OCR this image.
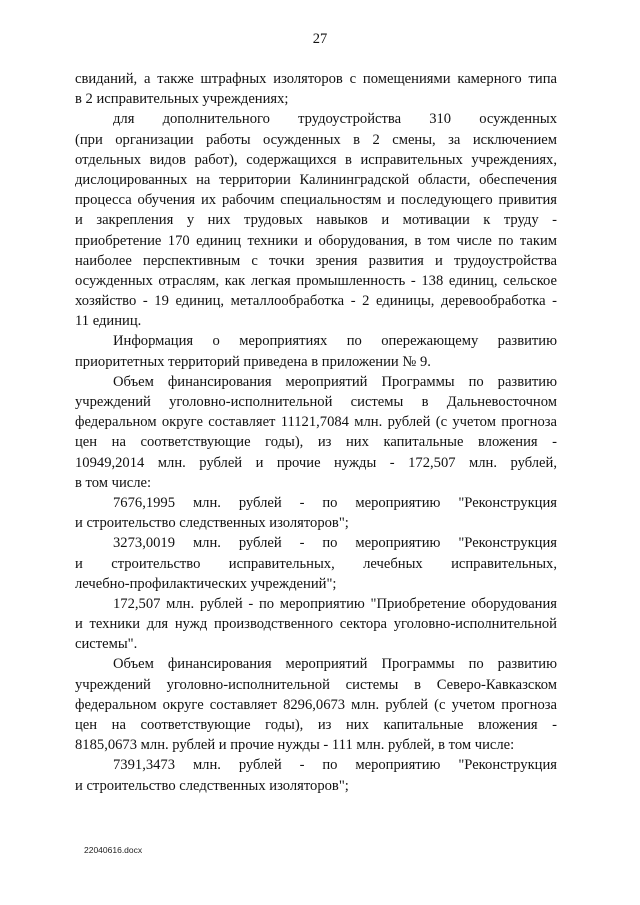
27
свиданий, а также штрафных изоляторов с помещениями камерного типа
в 2 исправительных учреждениях;
для дополнительного трудоустройства 310 осужденных
(при организации работы осужденных в 2 смены, за исключением
отдельных видов работ), содержащихся в исправительных учреждениях,
дислоцированных на территории Калининградской области, обеспечения
процесса обучения их рабочим специальностям и последующего привития
и закрепления у них трудовых навыков и мотивации к труду -
приобретение 170 единиц техники и оборудования, в том числе по таким
наиболее перспективным с точки зрения развития и трудоустройства
осужденных отраслям, как легкая промышленность - 138 единиц, сельское
хозяйство - 19 единиц, металлообработка - 2 единицы, деревообработка -
11 единиц.
Информация о мероприятиях по опережающему развитию
приоритетных территорий приведена в приложении № 9.
Объем финансирования мероприятий Программы по развитию
учреждений уголовно-исполнительной системы в Дальневосточном
федеральном округе составляет 11121,7084 млн. рублей (с учетом прогноза
цен на соответствующие годы), из них капитальные вложения -
10949,2014 млн. рублей и прочие нужды - 172,507 млн. рублей,
в том числе:
7676,1995 млн. рублей - по мероприятию "Реконструкция
и строительство следственных изоляторов";
3273,0019 млн. рублей - по мероприятию "Реконструкция
и строительство исправительных, лечебных исправительных,
лечебно-профилактических учреждений";
172,507 млн. рублей - по мероприятию "Приобретение оборудования
и техники для нужд производственного сектора уголовно-исполнительной
системы".
Объем финансирования мероприятий Программы по развитию
учреждений уголовно-исполнительной системы в Северо-Кавказском
федеральном округе составляет 8296,0673 млн. рублей (с учетом прогноза
цен на соответствующие годы), из них капитальные вложения -
8185,0673 млн. рублей и прочие нужды - 111 млн. рублей, в том числе:
7391,3473 млн. рублей - по мероприятию "Реконструкция
и строительство следственных изоляторов";
22040616.docx
